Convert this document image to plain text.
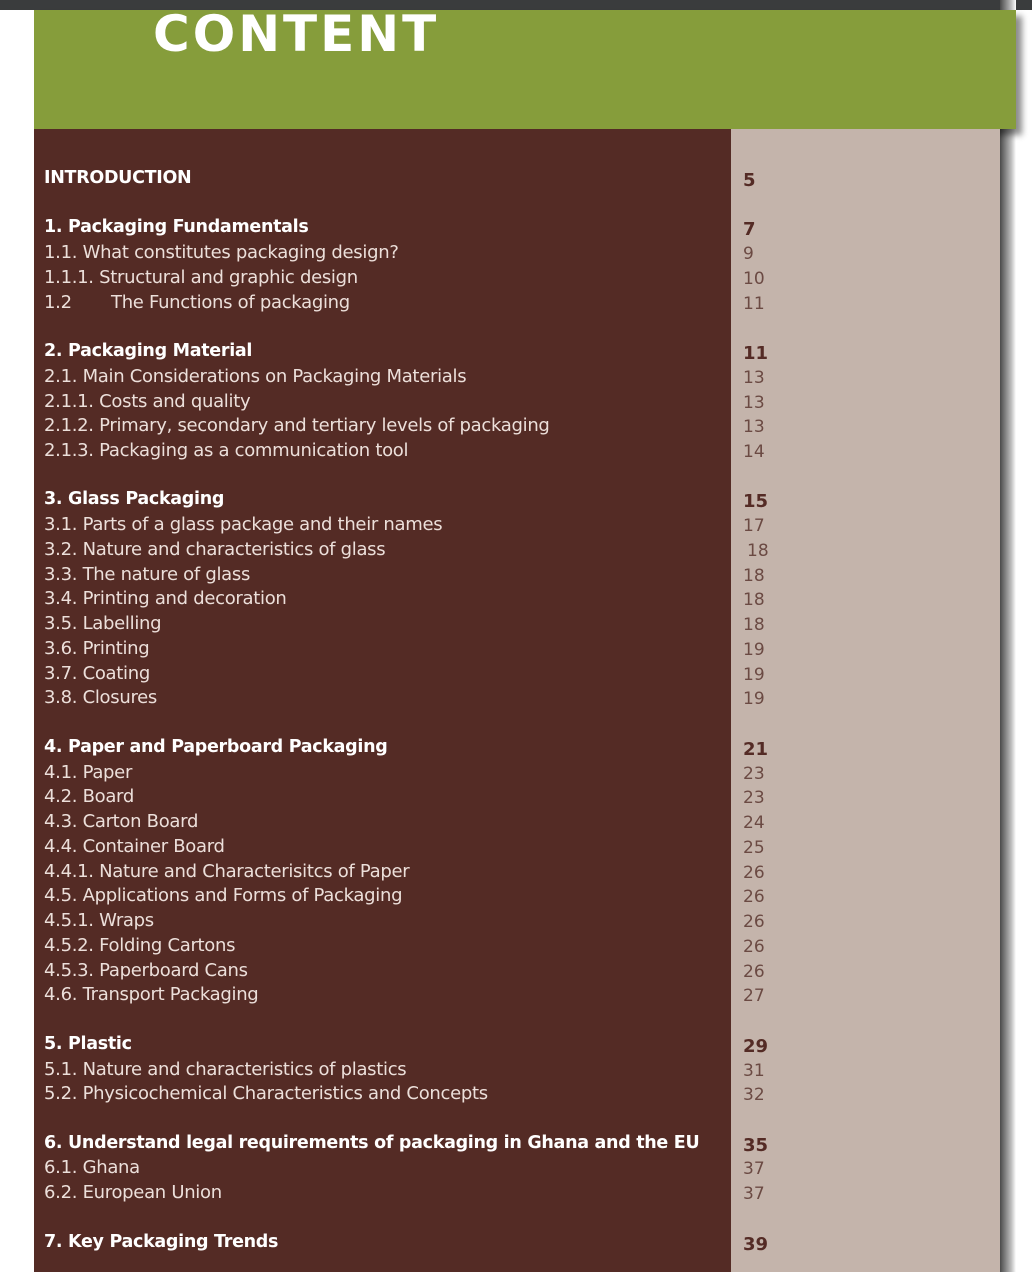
CONTENT
INTRODUCTION	5
1. Packaging Fundamentals	7
1.1. What constitutes packaging design?	9
1.1.1. Structural and graphic design	10
1.2 The Functions of packaging	11
2. Packaging Material	11
2.1. Main Considerations on Packaging Materials	13
2.1.1. Costs and quality	13
2.1.2. Primary, secondary and tertiary levels of packaging	13
2.1.3. Packaging as a communication tool	14
3. Glass Packaging	15
3.1. Parts of a glass package and their names	17
3.2. Nature and characteristics of glass	18
3.3. The nature of glass	18
3.4. Printing and decoration	18
3.5. Labelling	18
3.6. Printing	19
3.7. Coating	19
3.8. Closures	19
4. Paper and Paperboard Packaging	21
4.1. Paper	23
4.2. Board	23
4.3. Carton Board	24
4.4. Container Board	25
4.4.1. Nature and Characterisitcs of Paper	26
4.5. Applications and Forms of Packaging	26
4.5.1. Wraps	26
4.5.2. Folding Cartons	26
4.5.3. Paperboard Cans	26
4.6. Transport Packaging	27
5. Plastic	29
5.1. Nature and characteristics of plastics	31
5.2. Physicochemical Characteristics and Concepts	32
6. Understand legal requirements of packaging in Ghana and the EU 35
6.1. Ghana	37
6.2. European Union	37
7. Key Packaging Trends	39
